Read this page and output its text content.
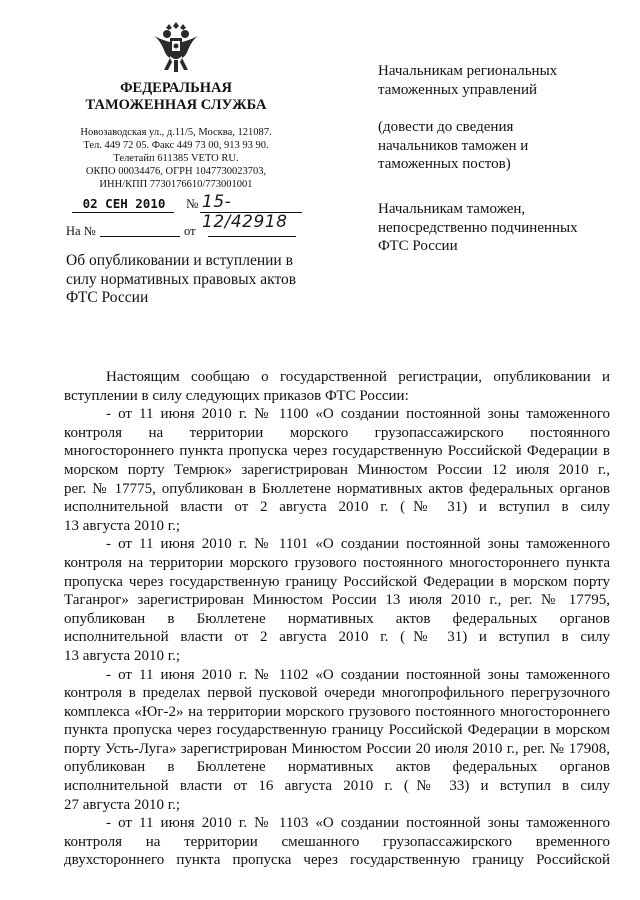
ФЕДЕРАЛЬНАЯ
ТАМОЖЕННАЯ СЛУЖБА
Новозаводская ул., д.11/5, Москва, 121087.
Тел. 449 72 05. Факс 449 73 00, 913 93 90.
Телетайп 611385 VETO RU.
ОКПО 00034476, ОГРН 1047730023703,
ИНН/КПП 7730176610/773001001
02 СЕН 2010	№ 15-12/42918
На №	от
Об опубликовании и вступлении в
силу нормативных правовых актов
ФТС России
Начальникам региональных
таможенных управлений
(довести до сведения
начальников таможен и
таможенных постов)
Начальникам таможен,
непосредственно подчиненных
ФТС России
Настоящим сообщаю о государственной регистрации, опубликовании и
вступлении в силу следующих приказов ФТС России:
- от 11 июня 2010 г. № 1100 «О создании постоянной зоны таможенного
контроля на территории морского грузопассажирского постоянного
многостороннего пункта пропуска через государственную Российской Федерации в
морском порту Темрюк» зарегистрирован Минюстом России 12 июля 2010 г.,
рег. № 17775, опубликован в Бюллетене нормативных актов федеральных органов
исполнительной власти от 2 августа 2010 г. (№ 31) и вступил в силу
13 августа 2010 г.;
- от 11 июня 2010 г. № 1101 «О создании постоянной зоны таможенного
контроля на территории морского грузового постоянного многостороннего пункта
пропуска через государственную границу Российской Федерации в морском порту
Таганрог» зарегистрирован Минюстом России 13 июля 2010 г., рег. № 17795,
опубликован в Бюллетене нормативных актов федеральных органов
исполнительной власти от 2 августа 2010 г. (№ 31) и вступил в силу
13 августа 2010 г.;
- от 11 июня 2010 г. № 1102 «О создании постоянной зоны таможенного
контроля в пределах первой пусковой очереди многопрофильного перегрузочного
комплекса «Юг-2» на территории морского грузового постоянного многостороннего
пункта пропуска через государственную границу Российской Федерации в морском
порту Усть-Луга» зарегистрирован Минюстом России 20 июля 2010 г., рег. № 17908,
опубликован в Бюллетене нормативных актов федеральных органов
исполнительной власти от 16 августа 2010 г. (№ 33) и вступил в силу
27 августа 2010 г.;
- от 11 июня 2010 г. № 1103 «О создании постоянной зоны таможенного
контроля на территории смешанного грузопассажирского временного
двухстороннего пункта пропуска через государственную границу Российской
